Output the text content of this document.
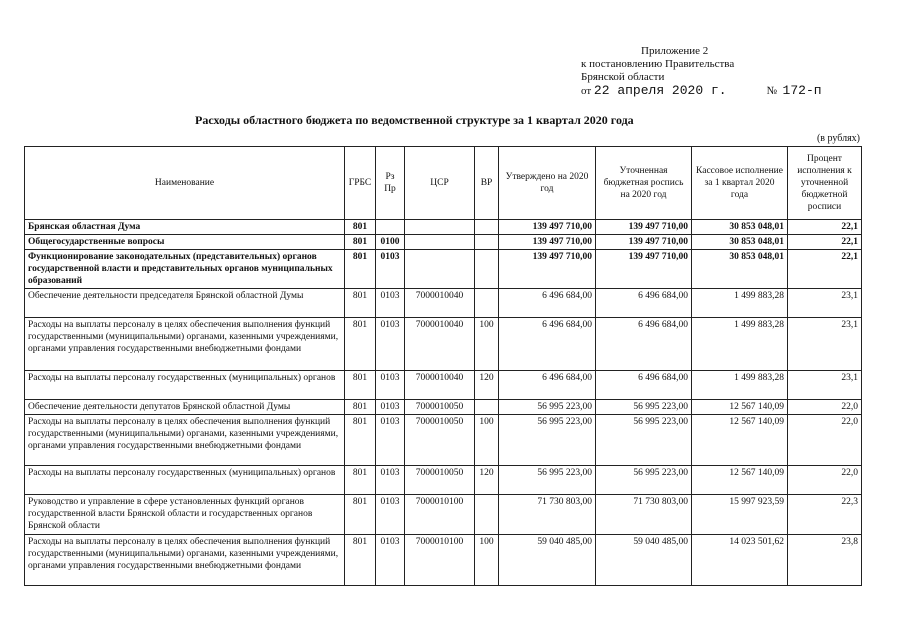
Приложение 2
к постановлению Правительства
Брянской области
от
22 апреля 2020 г.	№
172-п
Расходы областного бюджета по ведомственной структуре за 1 квартал 2020 года
(в рублях)
Наименование	ГРБС	Рз Пр	ЦСР	ВР	Утверждено на 2020 год	Уточненная бюджетная роспись на 2020 год	Кассовое исполнение за 1 квартал 2020 года	Процент исполнения к уточненной бюджетной росписи
Брянская областная Дума	801				139 497 710,00	139 497 710,00	30 853 048,01	22,1
Общегосударственные вопросы	801	0100			139 497 710,00	139 497 710,00	30 853 048,01	22,1
Функционирование законодательных (представительных) органов государственной власти и представительных органов муниципальных образований	801	0103			139 497 710,00	139 497 710,00	30 853 048,01	22,1
Обеспечение деятельности председателя Брянской областной Думы	801	0103	7000010040		6 496 684,00	6 496 684,00	1 499 883,28	23,1
Расходы на выплаты персоналу в целях обеспечения выполнения функций государственными (муниципальными) органами, казенными учреждениями, органами управления государственными внебюджетными фондами	801	0103	7000010040	100	6 496 684,00	6 496 684,00	1 499 883,28	23,1
Расходы на выплаты персоналу государственных (муниципальных) органов	801	0103	7000010040	120	6 496 684,00	6 496 684,00	1 499 883,28	23,1
Обеспечение деятельности депутатов Брянской областной Думы	801	0103	7000010050		56 995 223,00	56 995 223,00	12 567 140,09	22,0
Расходы на выплаты персоналу в целях обеспечения выполнения функций государственными (муниципальными) органами, казенными учреждениями, органами управления государственными внебюджетными фондами	801	0103	7000010050	100	56 995 223,00	56 995 223,00	12 567 140,09	22,0
Расходы на выплаты персоналу государственных (муниципальных) органов	801	0103	7000010050	120	56 995 223,00	56 995 223,00	12 567 140,09	22,0
Руководство и управление в сфере установленных функций органов государственной власти Брянской области и государственных органов Брянской области	801	0103	7000010100		71 730 803,00	71 730 803,00	15 997 923,59	22,3
Расходы на выплаты персоналу в целях обеспечения выполнения функций государственными (муниципальными) органами, казенными учреждениями, органами управления государственными внебюджетными фондами	801	0103	7000010100	100	59 040 485,00	59 040 485,00	14 023 501,62	23,8
